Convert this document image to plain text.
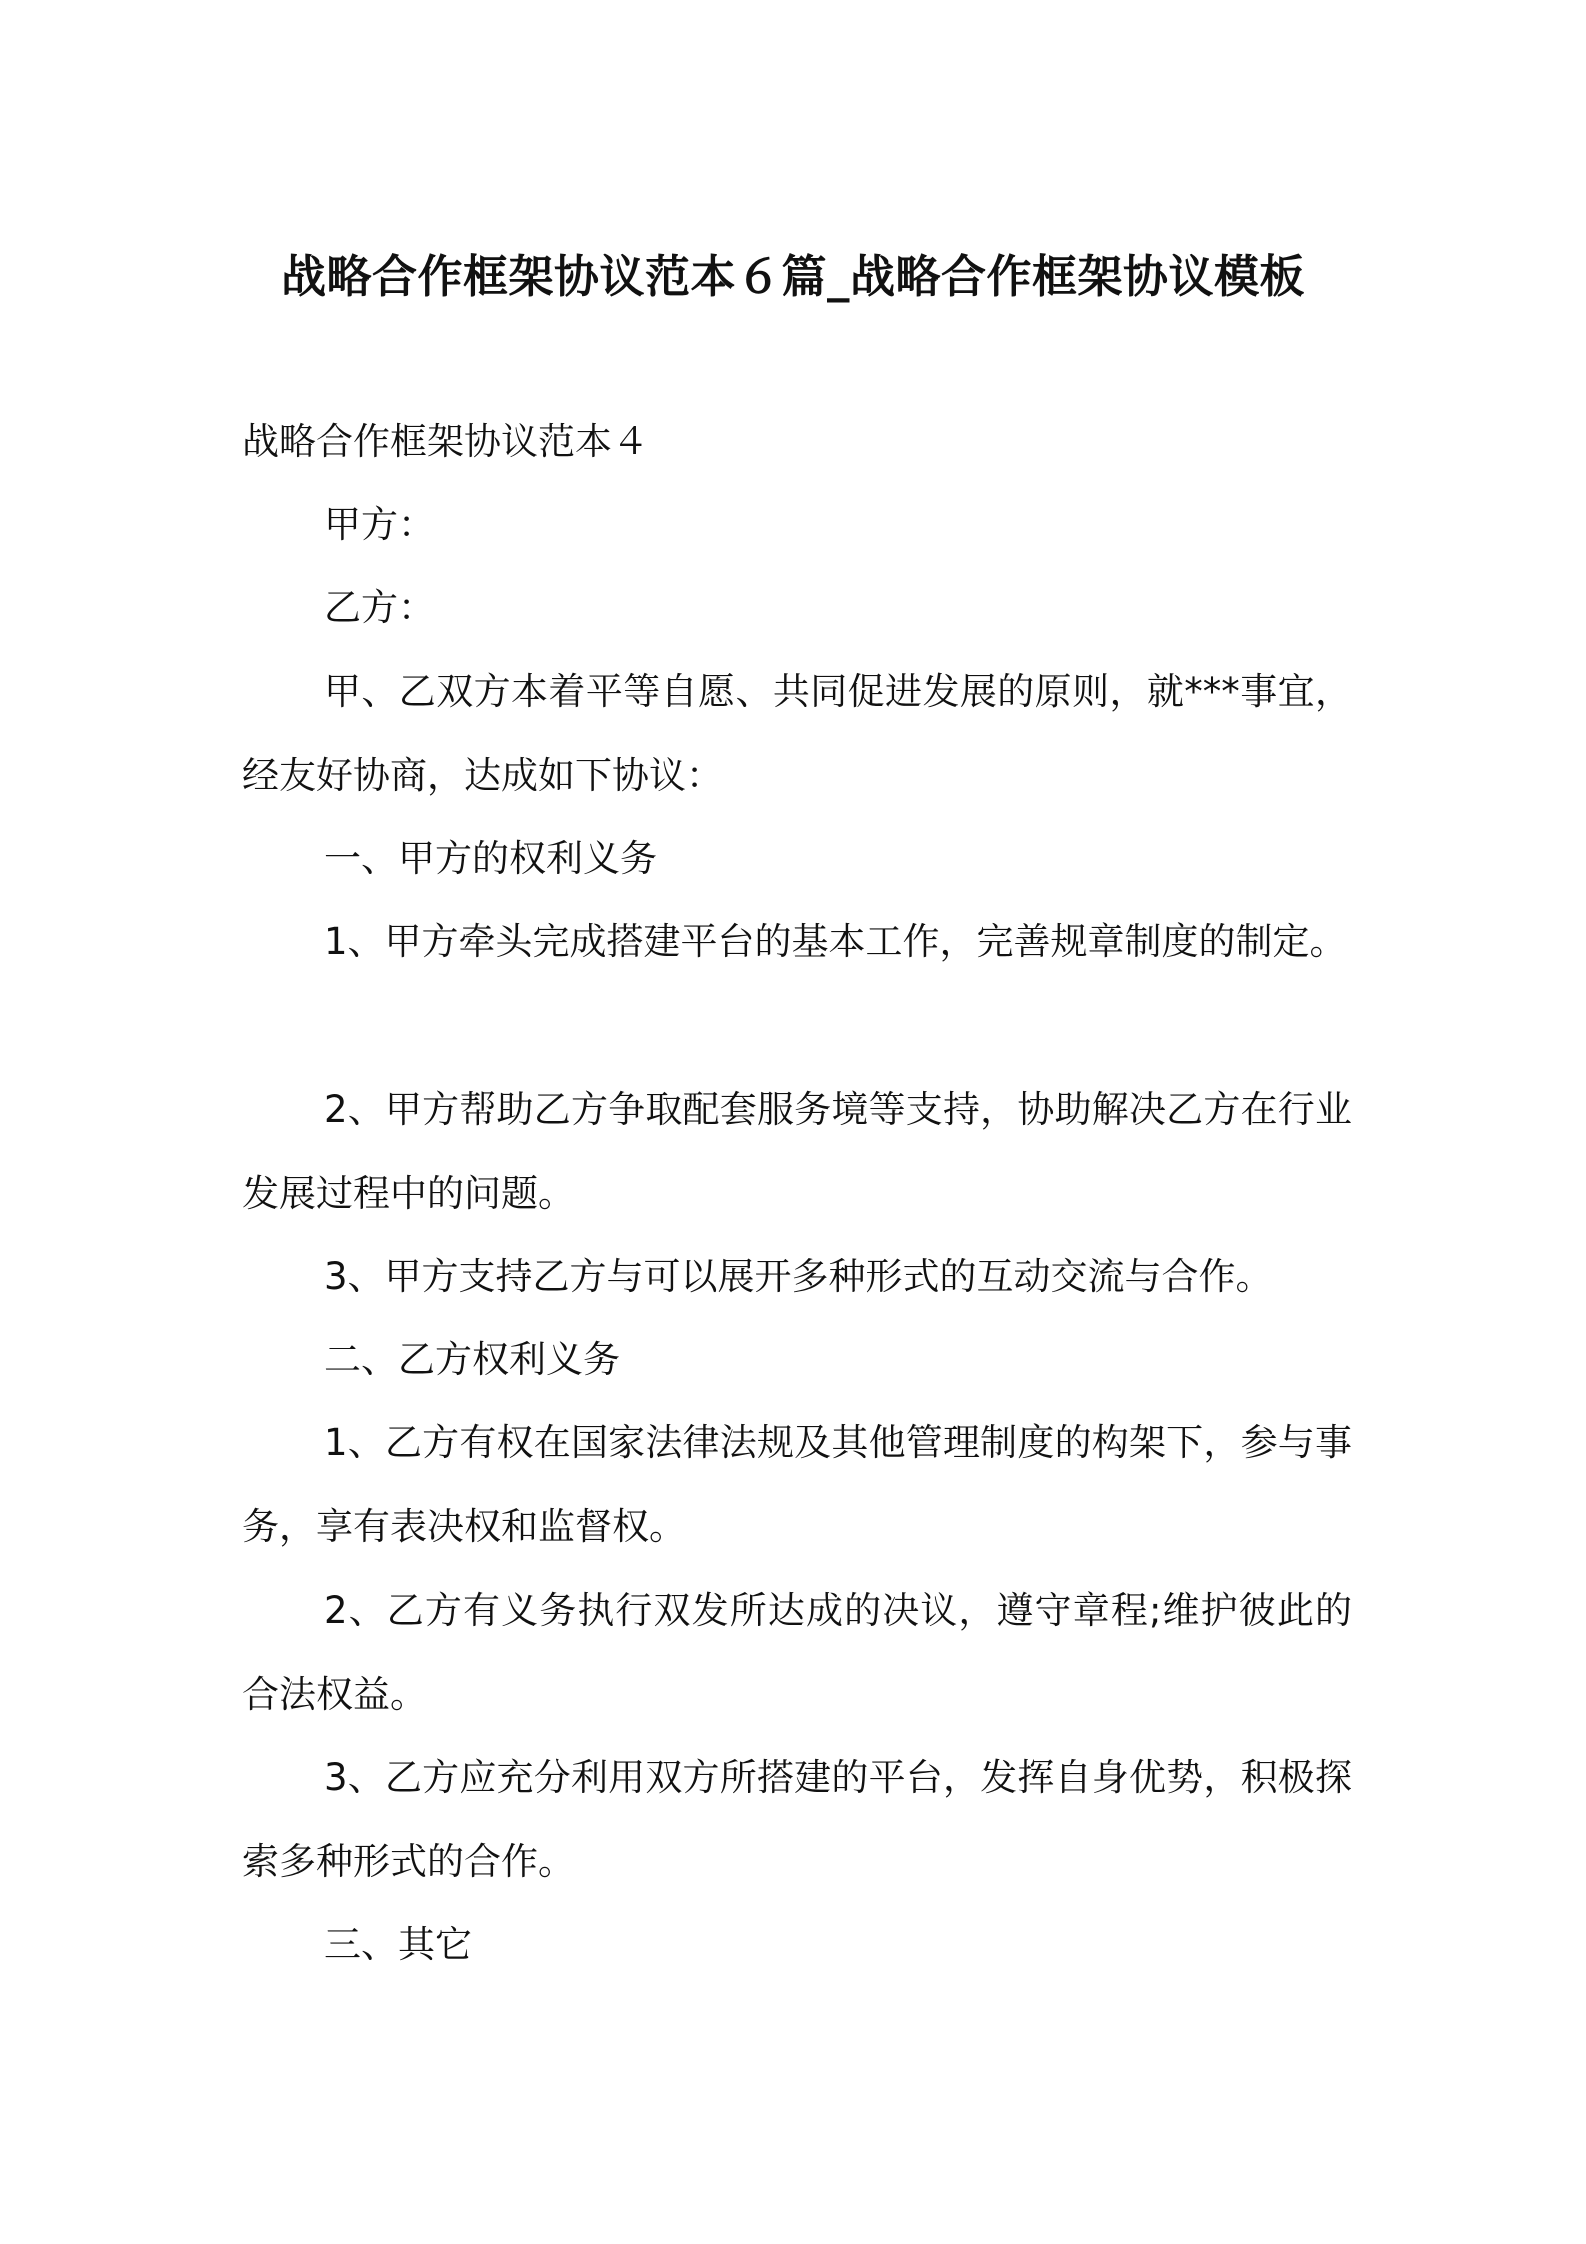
战略合作框架协议范本６篇_战略合作框架协议模板

战略合作框架协议范本４

甲方：

乙方：

甲、乙双方本着平等自愿、共同促进发展的原则，就***事宜，经友好协商，达成如下协议：

一、甲方的权利义务

1、甲方牵头完成搭建平台的基本工作，完善规章制度的制定。

2、甲方帮助乙方争取配套服务境等支持，协助解决乙方在行业发展过程中的问题。

3、甲方支持乙方与可以展开多种形式的互动交流与合作。

二、乙方权利义务

1、乙方有权在国家法律法规及其他管理制度的构架下，参与事务，享有表决权和监督权。

2、乙方有义务执行双发所达成的决议，遵守章程;维护彼此的合法权益。

3、乙方应充分利用双方所搭建的平台，发挥自身优势，积极探索多种形式的合作。

三、其它
